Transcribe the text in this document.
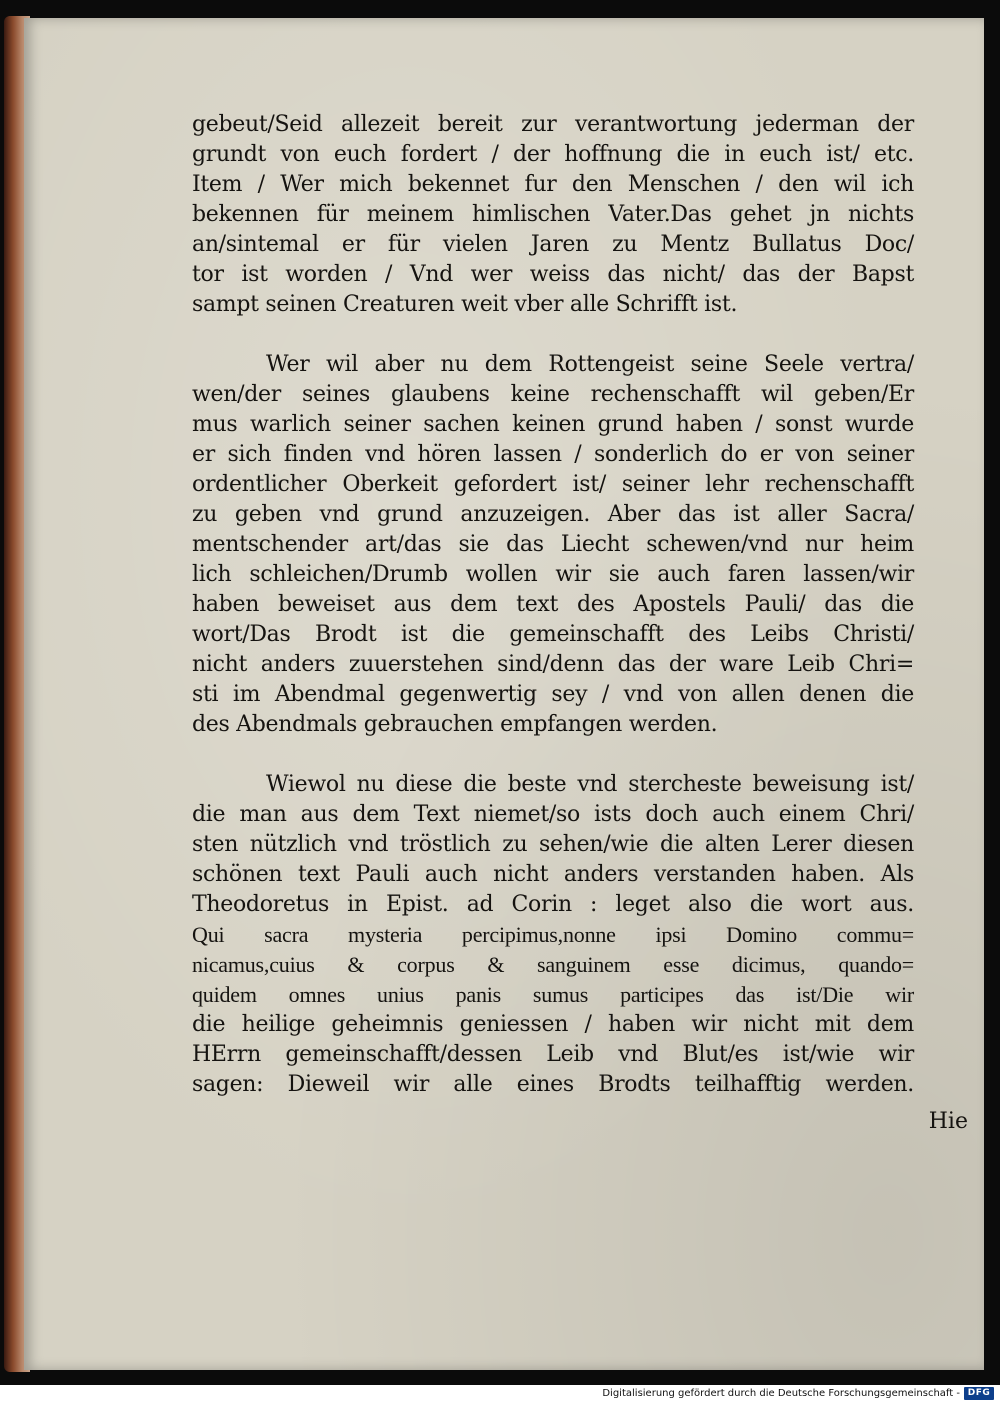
gebeut/Seid allezeit bereit zur verantwortung jederman der
grundt von euch fordert / der hoffnung die in euch ist/ etc.
Item / Wer mich bekennet fur den Menschen / den wil ich
bekennen für meinem himlischen Vater.Das gehet jn nichts
an/sintemal er für vielen Jaren zu Mentz Bullatus Doc/
tor ist worden / Vnd wer weiss das nicht/ das der Bapst
sampt seinen Creaturen weit vber alle Schrifft ist.
Wer wil aber nu dem Rottengeist seine Seele vertra/
wen/der seines glaubens keine rechenschafft wil geben/Er
mus warlich seiner sachen keinen grund haben / sonst wurde
er sich finden vnd hören lassen / sonderlich do er von seiner
ordentlicher Oberkeit gefordert ist/ seiner lehr rechenschafft
zu geben vnd grund anzuzeigen. Aber das ist aller Sacra/
mentschender art/das sie das Liecht schewen/vnd nur heim
lich schleichen/Drumb wollen wir sie auch faren lassen/wir
haben beweiset aus dem text des Apostels Pauli/ das die
wort/Das Brodt ist die gemeinschafft des Leibs Christi/
nicht anders zuuerstehen sind/denn das der ware Leib Chri=
sti im Abendmal gegenwertig sey / vnd von allen denen die
des Abendmals gebrauchen empfangen werden.
Wiewol nu diese die beste vnd stercheste beweisung ist/
die man aus dem Text niemet/so ists doch auch einem Chri/
sten nützlich vnd tröstlich zu sehen/wie die alten Lerer diesen
schönen text Pauli auch nicht anders verstanden haben. Als
Theodoretus in Epist. ad Corin : leget also die wort aus.
Qui sacra mysteria percipimus,nonne ipsi Domino commu=
nicamus,cuius & corpus & sanguinem esse dicimus, quando=
quidem omnes unius panis sumus participes das ist/Die wir
die heilige geheimnis geniessen / haben wir nicht mit dem
HErrn gemeinschafft/dessen Leib vnd Blut/es ist/wie wir
sagen: Dieweil wir alle eines Brodts teilhafftig werden.
Hie
Digitalisierung gefördert durch die Deutsche Forschungsgemeinschaft - DFG
